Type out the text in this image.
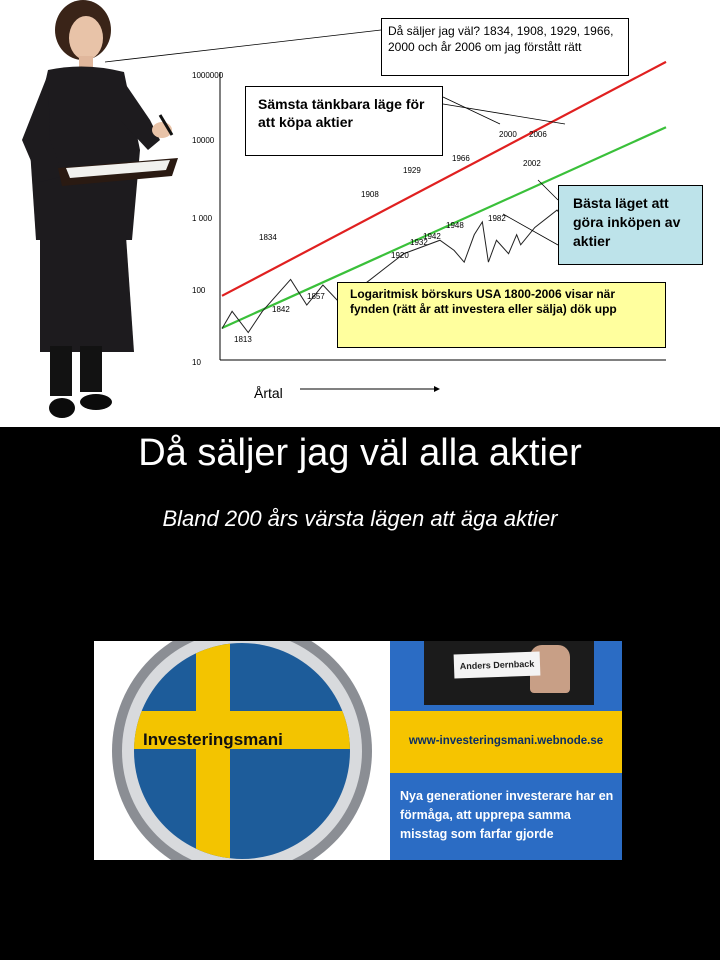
1000000
10000
1 000
100
10
1813
1834
1842
1857
1908
1920
1929
1932
1942
1948
1966
1982
2000
2002
2006
Årtal
Då säljer jag väl? 1834, 1908, 1929, 1966, 2000 och år 2006 om jag förstått rätt
Sämsta tänkbara läge för att köpa aktier
Bästa läget att göra inköpen av aktier
Logaritmisk börskurs USA 1800-2006 visar när fynden (rätt år att investera eller sälja) dök upp
Då säljer jag väl alla aktier
Bland 200 års värsta lägen att äga aktier
Anders Dernback
www-investeringsmani.webnode.se
Nya generationer investerare har en förmåga, att upprepa samma misstag som farfar gjorde
Investeringsmani
